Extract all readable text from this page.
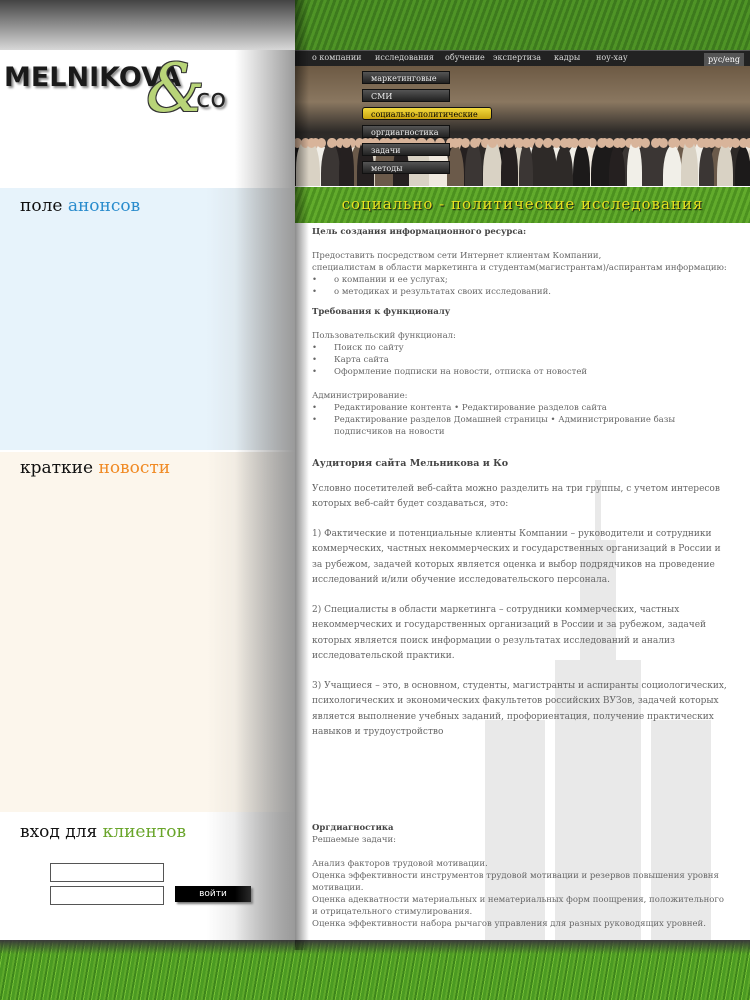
MELNIKOVA
&
co
поле анонсов
краткие новости
вход для клиентов
войти
о компании исследования обучение экспертиза кадры ноу-хау	рус/eng
маркетинговые
СМИ
социально-политические
оргдиагностика
задачи
методы
социально - политические исследования
Цель создания информационного ресурса:

Предоставить посредством сети Интернет клиентам Компании,

специалистам в области маркетинга и студентам(магистрантам)/аспирантам информацию:

• о компании и ее услугах;

• о методиках и результатах своих исследований.

Требования к функционалу

Пользовательский функционал:

• Поиск по сайту

• Карта сайта

• Оформление подписки на новости, отписка от новостей

Администрирование:

• Редактирование контента • Редактирование разделов сайта

• Редактирование разделов Домашней страницы • Администрирование базы подписчиков на новости

Аудитория сайта Мельникова и Ко

Условно посетителей веб-сайта можно разделить на три группы, с учетом интересов которых веб-сайт будет создаваться, это:

1) Фактические и потенциальные клиенты Компании – руководители и сотрудники коммерческих, частных некоммерческих и государственных организаций в России и за рубежом, задачей которых является оценка и выбор подрядчиков на проведение исследований и/или обучение исследовательского персонала.

2) Специалисты в области маркетинга – сотрудники коммерческих, частных некоммерческих и государственных организаций в России и за рубежом, задачей которых является поиск информации о результатах исследований и анализ исследовательской практики.

3) Учащиеся – это, в основном, студенты, магистранты и аспиранты социологических, психологических и экономических факультетов российских ВУЗов, задачей которых является выполнение учебных заданий, профориентация, получение практических навыков и трудоустройство

Оргдиагностика

Решаемые задачи:

Анализ факторов трудовой мотивации.

Оценка эффективности инструментов трудовой мотивации и резервов повышения уровня мотивации.

Оценка адекватности материальных и нематериальных форм поощрения, положительного и отрицательного стимулирования.

Оценка эффективности набора рычагов управления для разных руководящих уровней.
